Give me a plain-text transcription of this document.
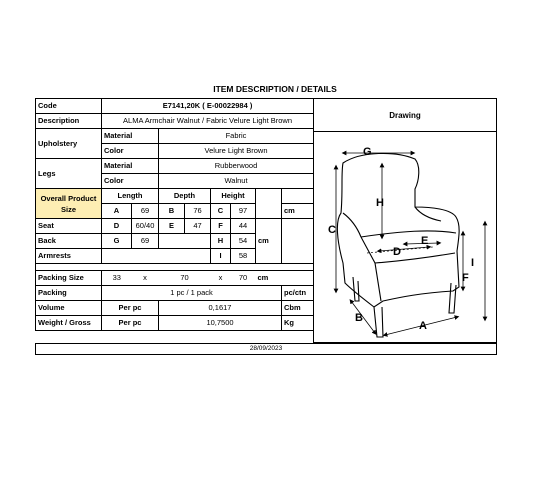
ITEM DESCRIPTION / DETAILS
Code	E7141,20K ( E-00022984 )							
Description	ALMA Armchair Walnut / Fabric Velure Light Brown							
Upholstery	Material		Fabric					
	Color		Velure Light Brown					
Legs	Material		Rubberwood					
	Color		Walnut					
Overall Product Size	Length		Depth		Height			
	A	69	B	76	C	97		cm
Seat	D	60/40	E	47	F	44	cm	
Back	G	69			H	54		
Armrests					I	58		

Packing Size	33	x	70		x	70	cm	
Packing	1 pc / 1 pack							pc/ctn
Volume	Per pc		0,1617					Cbm
Weight / Gross	Per pc		10,7500					Kg
Drawing
G
H
C
E
D
I
F
B
A
28/09/2023
